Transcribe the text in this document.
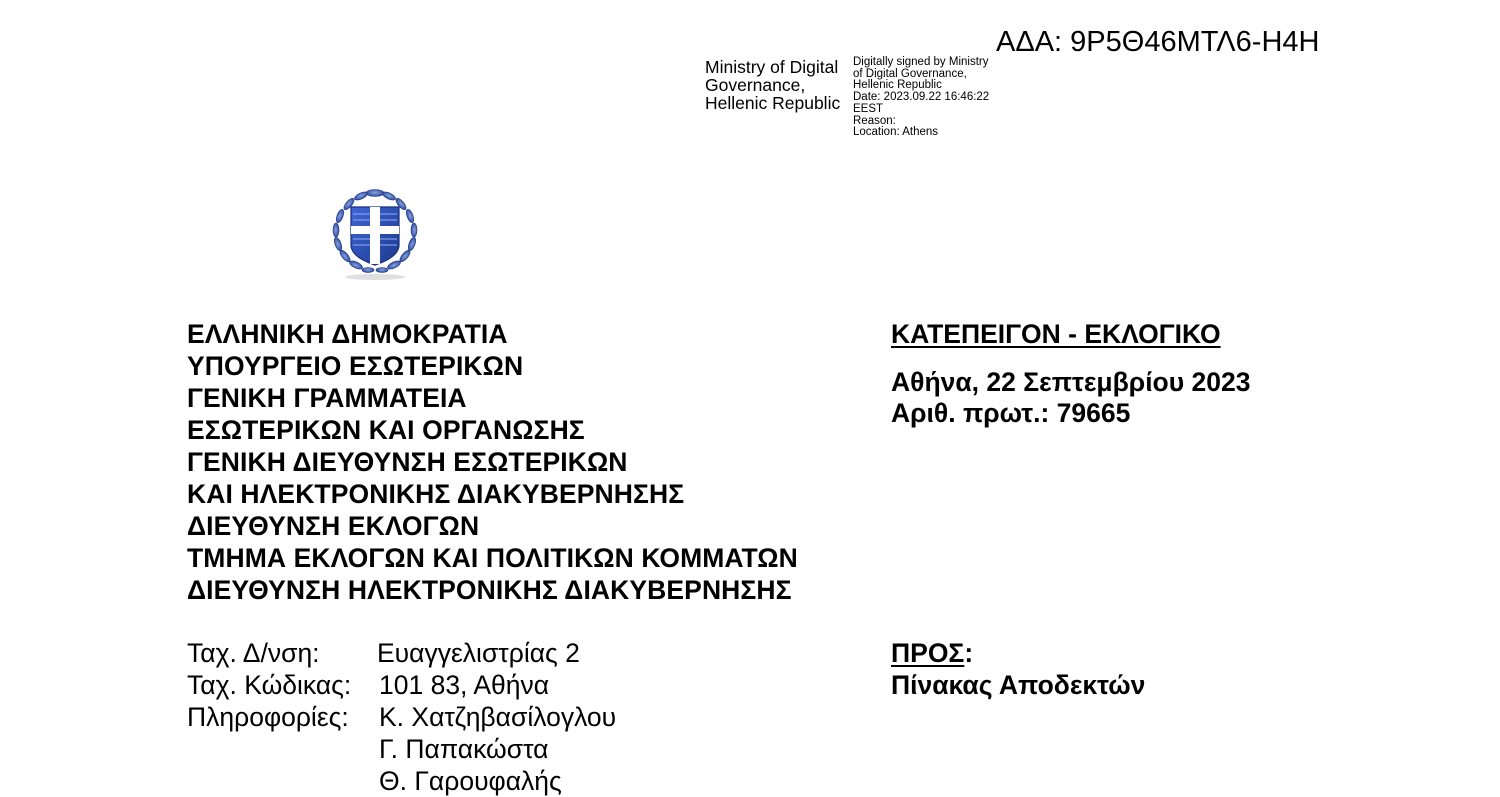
ΑΔΑ: 9Ρ5Θ46ΜΤΛ6-Η4Η
Ministry of Digital
Governance,
Hellenic Republic
Digitally signed by Ministry
of Digital Governance,
Hellenic Republic
Date: 2023.09.22 16:46:22
EEST
Reason:
Location: Athens
ΕΛΛΗΝΙΚΗ ΔΗΜΟΚΡΑΤΙΑ
ΥΠΟΥΡΓΕΙΟ ΕΣΩΤΕΡΙΚΩΝ
ΓΕΝΙΚΗ ΓΡΑΜΜΑΤΕΙΑ
ΕΣΩΤΕΡΙΚΩΝ ΚΑΙ ΟΡΓΑΝΩΣΗΣ
ΓΕΝΙΚΗ ΔΙΕΥΘΥΝΣΗ ΕΣΩΤΕΡΙΚΩΝ
ΚΑΙ ΗΛΕΚΤΡΟΝΙΚΗΣ ΔΙΑΚΥΒΕΡΝΗΣΗΣ
ΔΙΕΥΘΥΝΣΗ ΕΚΛΟΓΩΝ
ΤΜΗΜΑ ΕΚΛΟΓΩΝ ΚΑΙ ΠΟΛΙΤΙΚΩΝ ΚΟΜΜΑΤΩΝ
ΔΙΕΥΘΥΝΣΗ ΗΛΕΚΤΡΟΝΙΚΗΣ ΔΙΑΚΥΒΕΡΝΗΣΗΣ
ΚΑΤΕΠΕΙΓΟΝ - ΕΚΛΟΓΙΚΟ
Αθήνα, 22 Σεπτεμβρίου 2023
Αριθ. πρωτ.: 79665
Ταχ. Δ/νση:	Ευαγγελιστρίας 2
Ταχ. Κώδικας:	101 83, Αθήνα
Πληροφορίες:	Κ. Χατζηβασίλογλου
Γ. Παπακώστα
Θ. Γαρουφαλής
ΠΡΟΣ:
Πίνακας Αποδεκτών
